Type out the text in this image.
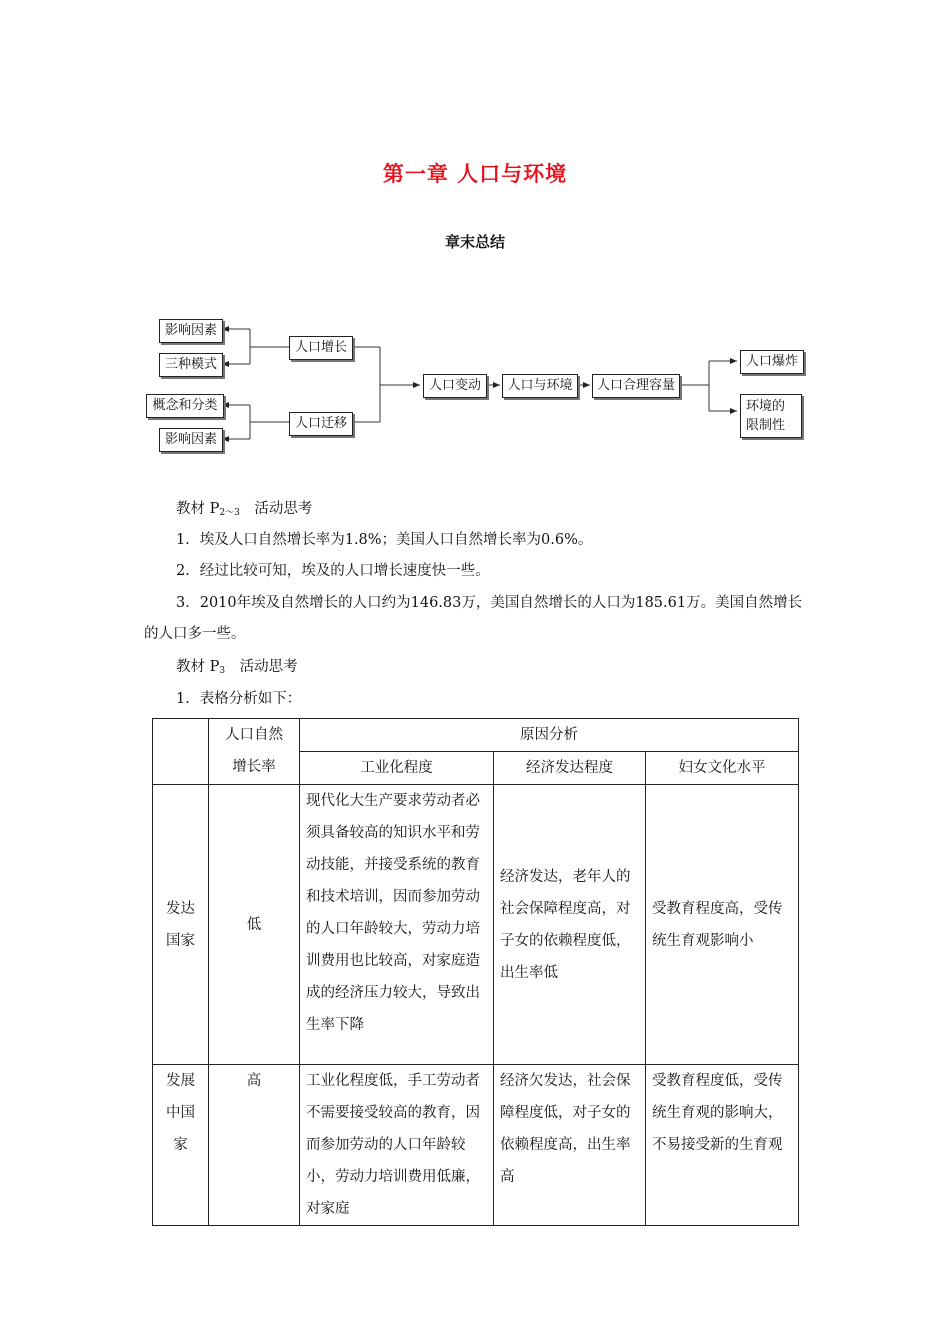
第一章 人口与环境
章末总结
影响因素
三种模式
概念和分类
影响因素
人口增长
人口迁移
人口变动	人口与环境	人口合理容量
人口爆炸
环境的限制性
教材 $P_{2\sim 3}$　活动思考
1．埃及人口自然增长率为1.8%；美国人口自然增长率为0.6%。
2．经过比较可知，埃及的人口增长速度快一些。
3．2010年埃及自然增长的人口约为146.83万，美国自然增长的人口为185.61万。美国自然增长的人口多一些。
教材 $P_3$　活动思考
1．表格分析如下：
	人口自然增长率	原因分析		
		工业化程度	经济发达程度	妇女文化水平
发达国家	低	现代化大生产要求劳动者必须具备较高的知识水平和劳动技能，并接受系统的教育和技术培训，因而参加劳动的人口年龄较大，劳动力培训费用也比较高，对家庭造成的经济压力较大，导致出生率下降	经济发达，老年人的社会保障程度高，对子女的依赖程度低，出生率低	受教育程度高，受传统生育观影响小
发展中国家	高	工业化程度低，手工劳动者不需要接受较高的教育，因而参加劳动的人口年龄较小，劳动力培训费用低廉，对家庭	经济欠发达，社会保障程度低，对子女的依赖程度高，出生率高	受教育程度低，受传统生育观的影响大，不易接受新的生育观
